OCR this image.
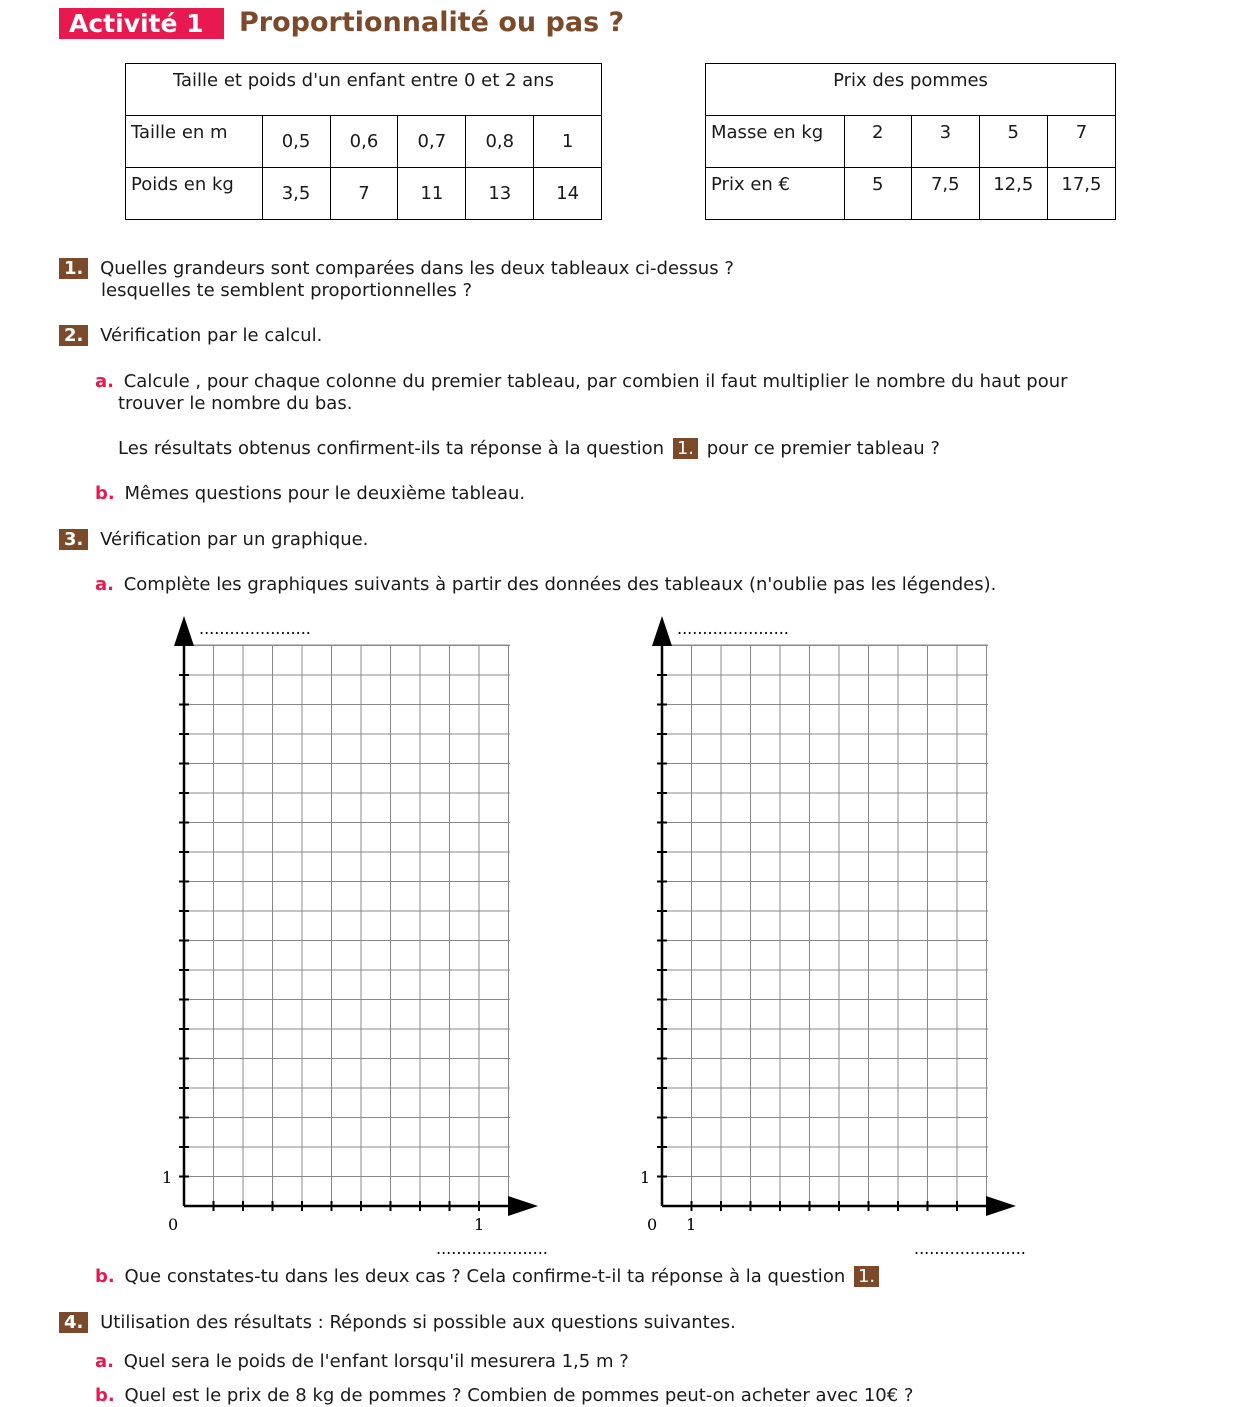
Activité 1	Proportionnalité ou pas ?
Taille et poids d'un enfant entre 0 et 2 ans					
Taille en m	0,5	0,6	0,7	0,8	1
Poids en kg	3,5	7	11	13	14
Prix des pommes				
Masse en kg	2	3	5	7
Prix en €	5	7,5	12,5	17,5
1. Quelles grandeurs sont comparées dans les deux tableaux ci-dessus ?
lesquelles te semblent proportionnelles ?
2. Vérification par le calcul.
a. Calcule , pour chaque colonne du premier tableau, par combien il faut multiplier le nombre du haut pour
trouver le nombre du bas.
Les résultats obtenus confirment-ils ta réponse à la question 1. pour ce premier tableau ?
b. Mêmes questions pour le deuxième tableau.
3. Vérification par un graphique.
a. Complète les graphiques suivants à partir des données des tableaux (n'oublie pas les légendes).
1
0	1
......................
......................
1
0 1
......................
......................
b. Que constates-tu dans les deux cas ? Cela confirme-t-il ta réponse à la question 1.
4. Utilisation des résultats : Réponds si possible aux questions suivantes.
a. Quel sera le poids de l'enfant lorsqu'il mesurera 1,5 m ?
b. Quel est le prix de 8 kg de pommes ? Combien de pommes peut-on acheter avec 10€ ?
